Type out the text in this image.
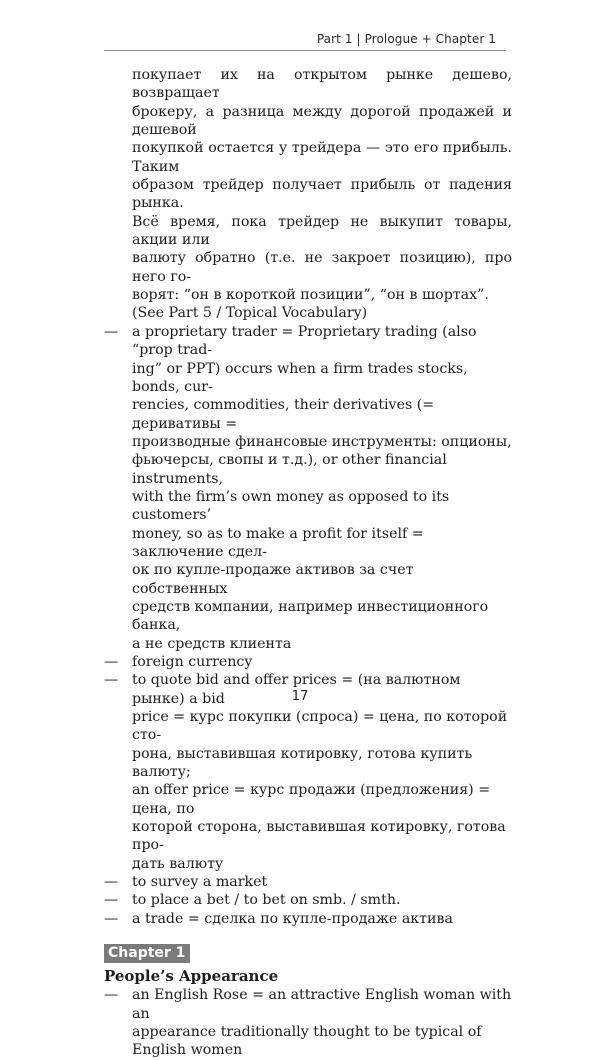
Part 1 | Prologue + Chapter 1
покупает их на открытом рынке дешево, возвращает
брокеру, а разница между дорогой продажей и дешевой
покупкой остается у трейдера — это его прибыль. Таким
образом трейдер получает прибыль от падения рынка.
Всё время, пока трейдер не выкупит товары, акции или
валюту обратно (т.е. не закроет позицию), про него го-
ворят: “он в короткой позиции”, “он в шортах”.
(See Part 5 / Topical Vocabulary)
— a proprietary trader = Proprietary trading (also “prop trad-
ing” or PPT) occurs when a firm trades stocks, bonds, cur-
rencies, commodities, their derivatives (= деривативы =
производные финансовые инструменты: опционы,
фьючерсы, свопы и т.д.), or other financial instruments,
with the firm’s own money as opposed to its customers’
money, so as to make a profit for itself = заключение сдел-
ок по купле-продаже активов за счет собственных
средств компании, например инвестиционного банка,
а не средств клиента
— foreign currency
— to quote bid and offer prices = (на валютном рынке) a bid
price = курс покупки (спроса) = цена, по которой сто-
рона, выставившая котировку, готова купить валюту;
an offer price = курс продажи (предложения) = цена, по
которой сторона, выставившая котировку, готова про-
дать валюту
— to survey a market
— to place a bet / to bet on smb. / smth.
— a trade = сделка по купле-продаже актива
Chapter 1
People’s Appearance
— an English Rose = an attractive English woman with an
appearance traditionally thought to be typical of
English women
17
